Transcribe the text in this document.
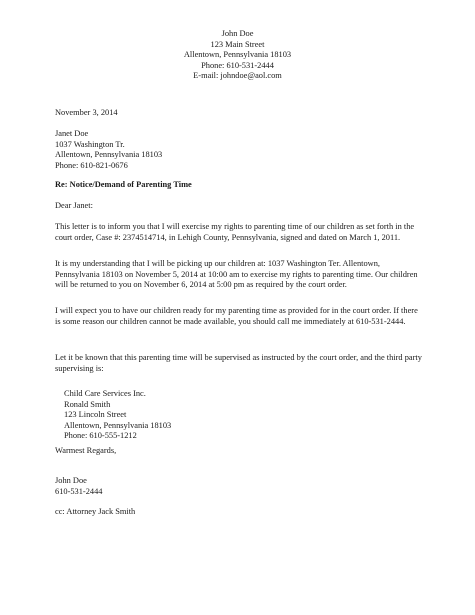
John Doe
123 Main Street
Allentown, Pennsylvania 18103
Phone: 610-531-2444
E-mail: johndoe@aol.com
November 3, 2014
Janet Doe
1037 Washington Tr.
Allentown, Pennsylvania 18103
Phone: 610-821-0676
Re: Notice/Demand of Parenting Time
Dear Janet:
This letter is to inform you that I will exercise my rights to parenting time of our children as set forth in the court order, Case #: 2374514714, in Lehigh County, Pennsylvania, signed and dated on March 1, 2011.
It is my understanding that I will be picking up our children at: 1037 Washington Ter. Allentown, Pennsylvania 18103 on November 5, 2014 at 10:00 am to exercise my rights to parenting time. Our children will be returned to you on November 6, 2014 at 5:00 pm as required by the court order.
I will expect you to have our children ready for my parenting time as provided for in the court order. If there is some reason our children cannot be made available, you should call me immediately at 610-531-2444.
Let it be known that this parenting time will be supervised as instructed by the court order, and the third party supervising is:
Child Care Services Inc.
Ronald Smith
123 Lincoln Street
Allentown, Pennsylvania 18103
Phone: 610-555-1212
Warmest Regards,
John Doe
610-531-2444
cc: Attorney Jack Smith
